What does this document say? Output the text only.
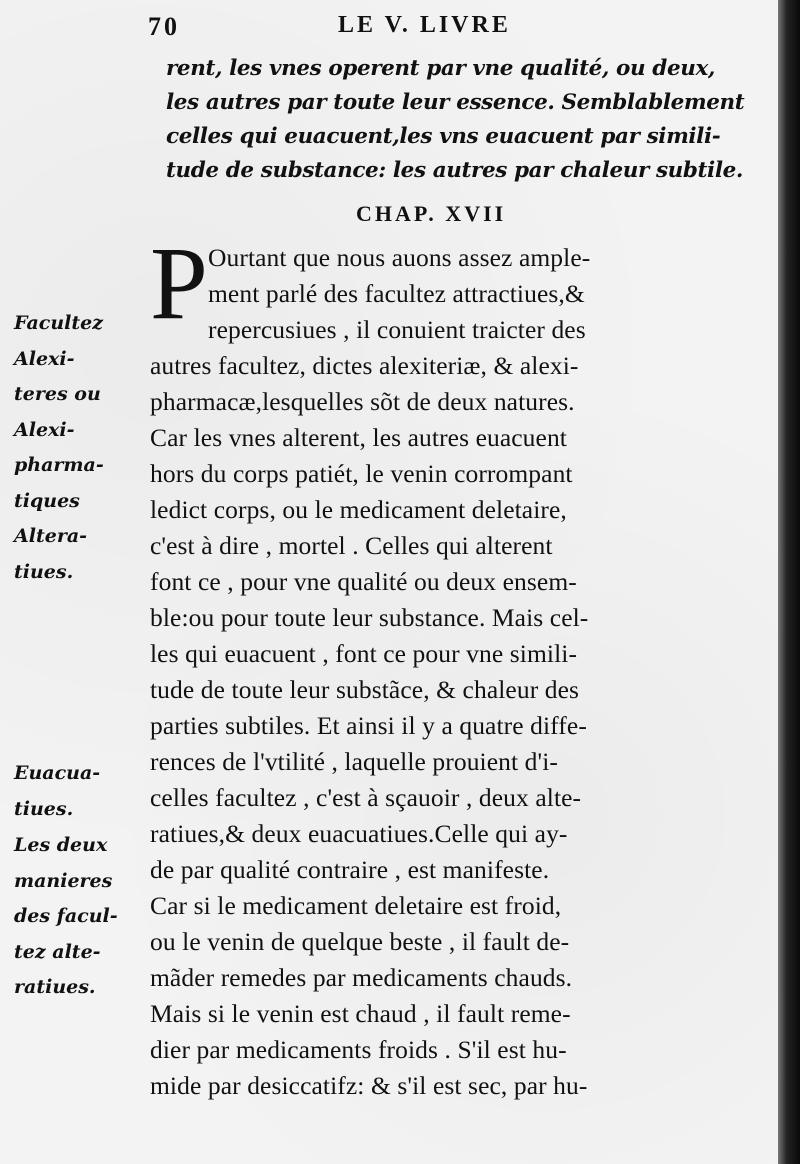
70	LE V. LIVRE
rent, les vnes operent par vne qualité, ou deux,
les autres par toute leur essence. Semblablement
celles qui euacuent,les vns euacuent par simili-
tude de substance: les autres par chaleur subtile.
CHAP. XVII
P Ourtant que nous auons assez ample-
ment parlé des facultez attractiues,&
repercusiues , il conuient traicter des
autres facultez, dictes alexiteriæ, & alexi-
pharmacæ,lesquelles sõt de deux natures.
Car les vnes alterent, les autres euacuent
hors du corps patiét, le venin corrompant
ledict corps, ou le medicament deletaire,
c'est à dire , mortel . Celles qui alterent
font ce , pour vne qualité ou deux ensem-
ble:ou pour toute leur substance. Mais cel-
les qui euacuent , font ce pour vne simili-
tude de toute leur substãce, & chaleur des
parties subtiles. Et ainsi il y a quatre diffe-
rences de l'vtilité , laquelle prouient d'i-
celles facultez , c'est à sçauoir , deux alte-
ratiues,& deux euacuatiues.Celle qui ay-
de par qualité contraire , est manifeste.
Car si le medicament deletaire est froid,
ou le venin de quelque beste , il fault de-
mãder remedes par medicaments chauds.
Mais si le venin est chaud , il fault reme-
dier par medicaments froids . S'il est hu-
mide par desiccatifz: & s'il est sec, par hu-
Facultez
Alexi-
teres ou
Alexi-
pharma-
tiques
Altera-
tiues.
Euacua-
tiues.
Les deux
manieres
des facul-
tez alte-
ratiues.
